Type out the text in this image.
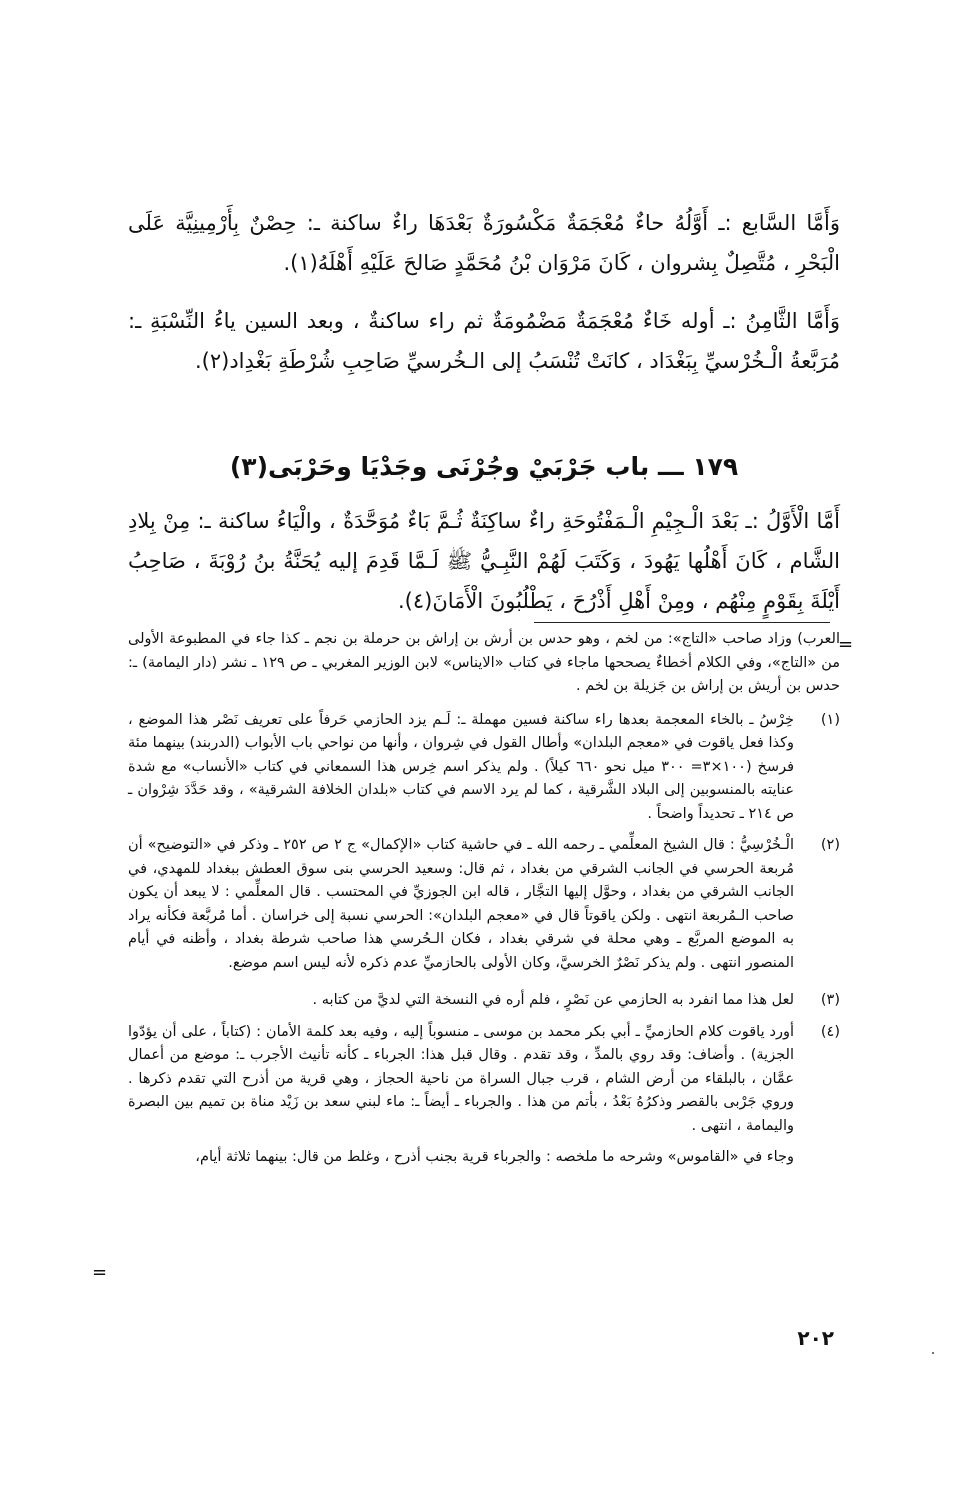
وَأَمَّا السَّابع :ـ أَوَّلُهُ حاءٌ مُعْجَمَةٌ مَكْسُورَةٌ بَعْدَهَا راءٌ ساكنة ـ: حِصْنٌ بِأَرْمِينِيَّة عَلَى الْبَحْرِ ، مُتَّصِلٌ بِشروان ، كَانَ مَرْوَان بْنُ مُحَمَّدٍ صَالحَ عَلَيْهِ أَهْلَهُ(١).

وَأَمَّا الثَّامِنُ :ـ أوله خَاءٌ مُعْجَمَةٌ مَضْمُومَةٌ ثم راء ساكنةٌ ، وبعد السين ياءُ النِّسْبَةِ ـ: مُرَبَّعةُ الْـخُرْسيِّ بِبَغْدَاد ، كانَتْ تُنْسَبُ إلى الـخُرسيِّ صَاحِبِ شُرْطَةِ بَغْدِاد(٢).

١٧٩ ـــ باب جَرْبَيْ وجُرْنَى وجَدْيَا وحَرْبَى(٣)

أَمَّا الْأَوَّلُ :ـ بَعْدَ الْـجِيْمِ الْـمَفْتُوحَةِ راءٌ ساكِنَةٌ ثُـمَّ بَاءٌ مُوَحَّدَةٌ ، والْيَاءُ ساكنة ـ: مِنْ بِلادِ الشَّام ، كَانَ أَهْلُها يَهُودَ ، وَكَتَبَ لَهُمْ النَّبِـيُّ ﷺ لَـمَّا قَدِمَ إليه يُحَنَّةُ بنُ رُوْبَةَ ، صَاحِبُ أَيْلَةَ بِقَوْمٍ مِنْهُم ، ومِنْ أَهْلِ أَذْرُحَ ، يَطْلُبُونَ الْأَمَانَ(٤).

=

العرب) وزاد صاحب «التاج»: من لخم ، وهو حدس بن أرش بن إراش بن حرملة بن نجم ـ كذا جاء في المطبوعة الأولى من «التاج»، وفي الكلام أخطاءٌ يصححها ماجاء في كتاب «الايناس» لابن الوزير المغربي ـ ص ١٢٩ ـ نشر (دار اليمامة) ـ: حدس بن أريش بن إراش بن جَزيلة بن لخم .

(١)
خِرْسُ ـ بالخاء المعجمة بعدها راء ساكنة فسين مهملة ـ: لَـم يزد الحازمي حَرفاً على تعريف نَصْر هذا الموضع ، وكذا فعل ياقوت في «معجم البلدان» وأطال القول في شِروان ، وأنها من نواحي باب الأبواب (الدربند) بينهما مئة فرسخ (١٠٠×٣= ٣٠٠ ميل نحو ٦٦٠ كيلاً) . ولم يذكر اسم خِرس هذا السمعاني في كتاب «الأنساب» مع شدة عنايته بالمنسوبين إلى البلاد الشَّرقية ، كما لم يرد الاسم في كتاب «بلدان الخلافة الشرقية» ، وقد حَدَّدَ شِرْوان ـ ص ٢١٤ ـ تحديداً واضحاً .
(٢)
الْـخُرْسِيُّ : قال الشيخ المعلِّمي ـ رحمه الله ـ في حاشية كتاب «الإكمال» ج ٢ ص ٢٥٢ ـ وذكر في «التوضيح» أن مُربعة الحرسي في الجانب الشرقي من بغداد ، ثم قال: وسعيد الحرسي بنى سوق العطش ببغداد للمهدي، في الجانب الشرقي من بغداد ، وحوَّل إليها التجَّار ، قاله ابن الجوزيِّ في المحتسب . قال المعلِّمي : لا يبعد أن يكون صاحب الـمُربعة انتهى . ولكن ياقوتاً قال في «معجم البلدان»: الحرسي نسبة إلى خراسان . أما مُربَّعة فكأنه يراد به الموضع المربَّع ـ وهي محلة في شرقي بغداد ، فكان الـحُرسي هذا صاحب شرطة بغداد ، وأظنه في أيام المنصور انتهى . ولم يذكر نَصْرٌ الخرسيَّ، وكان الأولى بالحازميِّ عدم ذكره لأنه ليس اسم موضع.
(٣)
لعل هذا مما انفرد به الحازمي عن نَصْرٍ ، فلم أره في النسخة التي لديَّ من كتابه .
(٤)
أورد ياقوت كلام الحازميِّ ـ أبي بكر محمد بن موسى ـ منسوباً إليه ، وفيه بعد كلمة الأمان : (كتاباً ، على أن يؤدّوا الجزية) . وأضاف: وقد روي بالمدِّ ، وقد تقدم . وقال قبل هذا: الجرباء ـ كأنه تأنيث الأجرب ـ: موضع من أعمال عمَّان ، بالبلقاء من أرض الشام ، قرب جبال السراة من ناحية الحجاز ، وهي قرية من أذرح التي تقدم ذكرها . وروي جَرْبى بالقصر وذكرُهُ بَعْدُ ، بأتم من هذا . والجرباء ـ أيضاً ـ: ماء لبني سعد بن زَيْد مناة بن تميم بين البصرة واليمامة ، انتهى .

وجاء في «القاموس» وشرحه ما ملخصه : والجرباء قرية بجنب أذرح ، وغلط من قال: بينهما ثلاثة أيام،

=
٢٠٢
